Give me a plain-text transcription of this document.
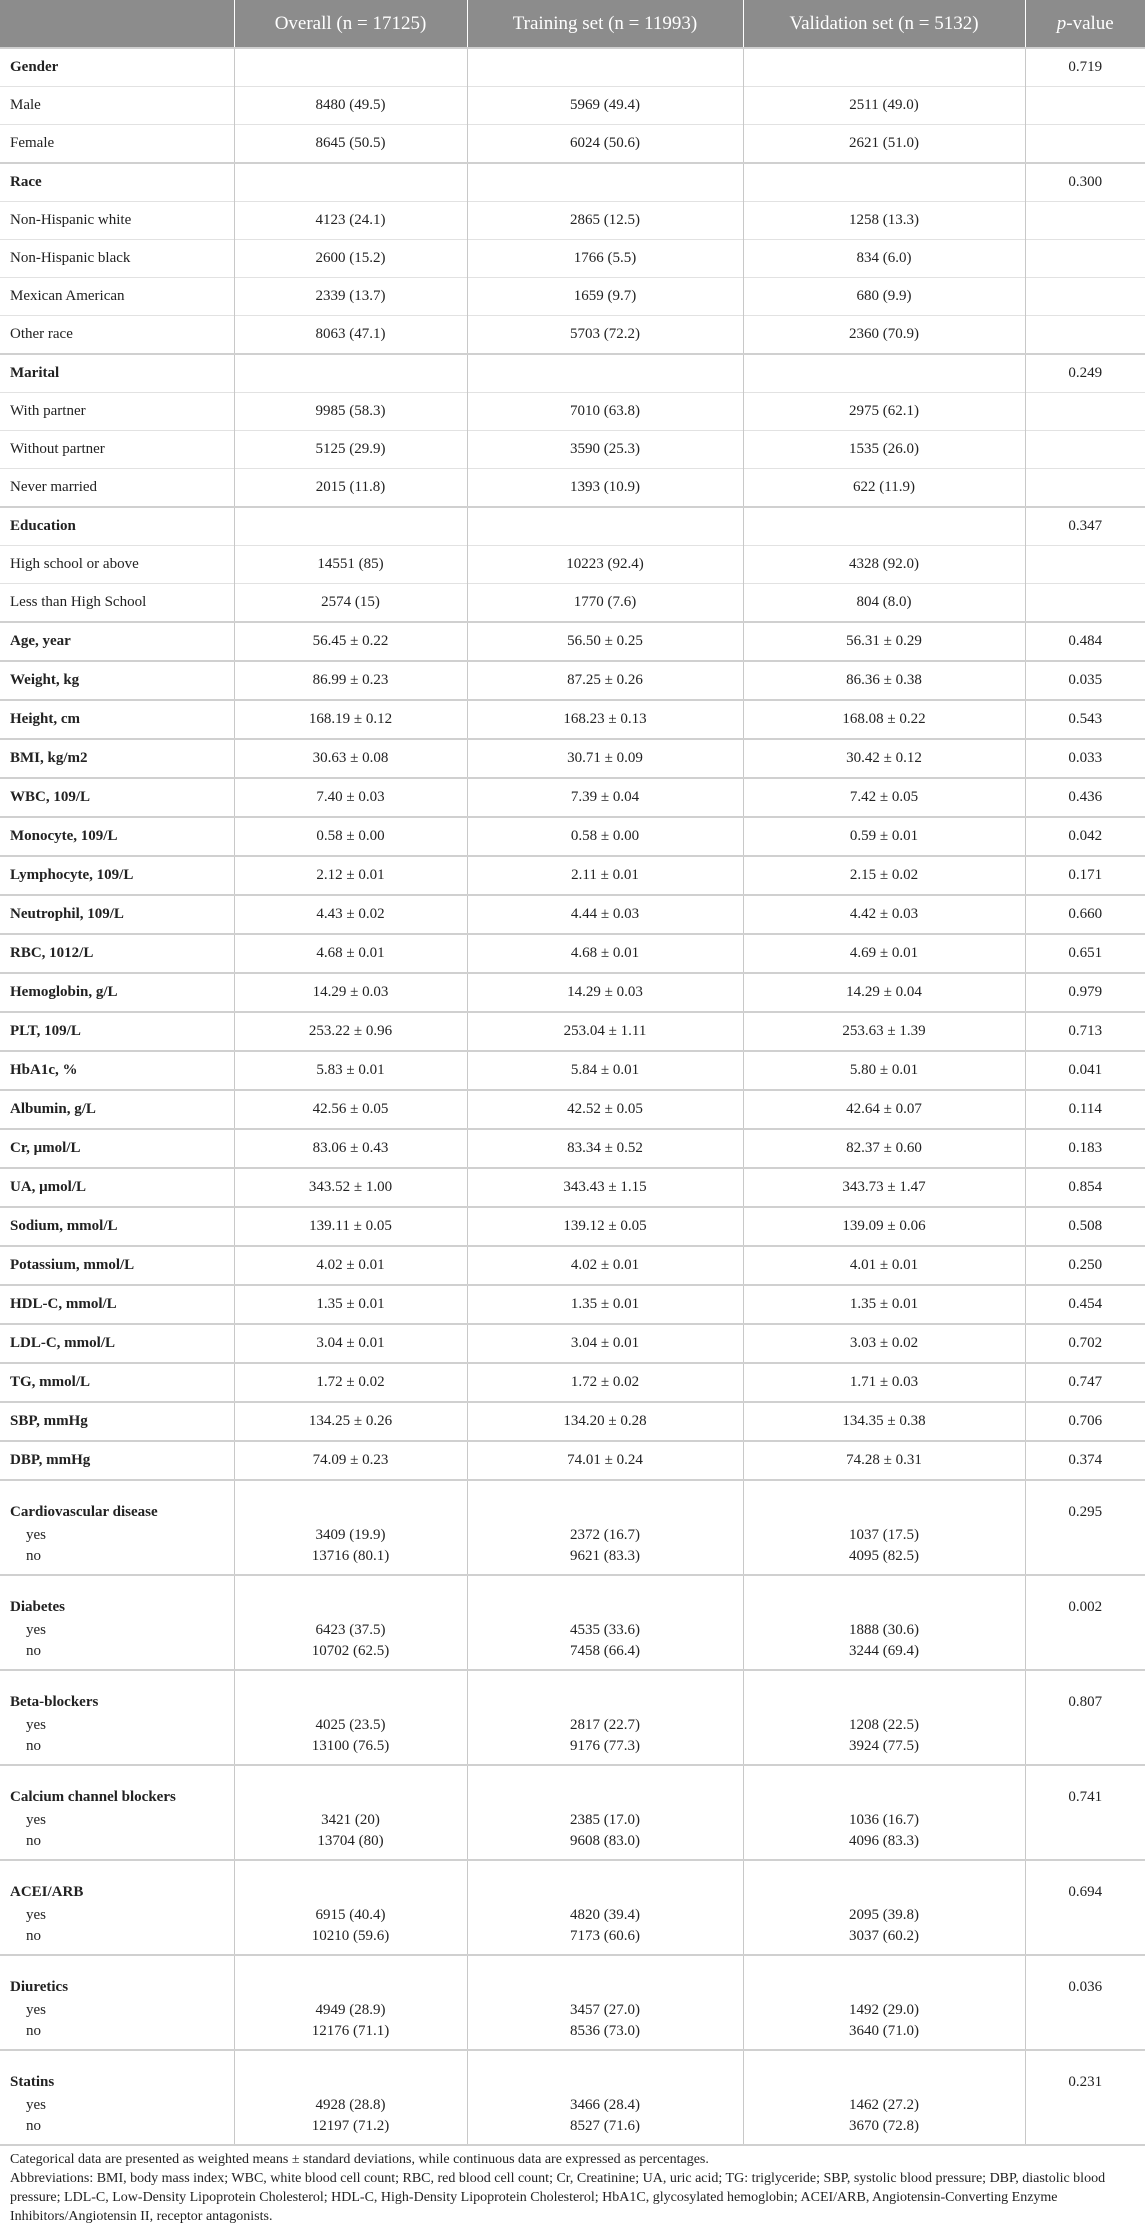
	Overall (n = 17125)	Training set (n = 11993)	Validation set (n = 5132)	p-value
Gender				0.719
Male	8480 (49.5)	5969 (49.4)	2511 (49.0)	
Female	8645 (50.5)	6024 (50.6)	2621 (51.0)	
Race				0.300
Non-Hispanic white	4123 (24.1)	2865 (12.5)	1258 (13.3)	
Non-Hispanic black	2600 (15.2)	1766 (5.5)	834 (6.0)	
Mexican American	2339 (13.7)	1659 (9.7)	680 (9.9)	
Other race	8063 (47.1)	5703 (72.2)	2360 (70.9)	
Marital				0.249
With partner	9985 (58.3)	7010 (63.8)	2975 (62.1)	
Without partner	5125 (29.9)	3590 (25.3)	1535 (26.0)	
Never married	2015 (11.8)	1393 (10.9)	622 (11.9)	
Education				0.347
High school or above	14551 (85)	10223 (92.4)	4328 (92.0)	
Less than High School	2574 (15)	1770 (7.6)	804 (8.0)	
Age, year	56.45 ± 0.22	56.50 ± 0.25	56.31 ± 0.29	0.484
Weight, kg	86.99 ± 0.23	87.25 ± 0.26	86.36 ± 0.38	0.035
Height, cm	168.19 ± 0.12	168.23 ± 0.13	168.08 ± 0.22	0.543
BMI, kg/m2	30.63 ± 0.08	30.71 ± 0.09	30.42 ± 0.12	0.033
WBC, 109/L	7.40 ± 0.03	7.39 ± 0.04	7.42 ± 0.05	0.436
Monocyte, 109/L	0.58 ± 0.00	0.58 ± 0.00	0.59 ± 0.01	0.042
Lymphocyte, 109/L	2.12 ± 0.01	2.11 ± 0.01	2.15 ± 0.02	0.171
Neutrophil, 109/L	4.43 ± 0.02	4.44 ± 0.03	4.42 ± 0.03	0.660
RBC, 1012/L	4.68 ± 0.01	4.68 ± 0.01	4.69 ± 0.01	0.651
Hemoglobin, g/L	14.29 ± 0.03	14.29 ± 0.03	14.29 ± 0.04	0.979
PLT, 109/L	253.22 ± 0.96	253.04 ± 1.11	253.63 ± 1.39	0.713
HbA1c, %	5.83 ± 0.01	5.84 ± 0.01	5.80 ± 0.01	0.041
Albumin, g/L	42.56 ± 0.05	42.52 ± 0.05	42.64 ± 0.07	0.114
Cr, μmol/L	83.06 ± 0.43	83.34 ± 0.52	82.37 ± 0.60	0.183
UA, μmol/L	343.52 ± 1.00	343.43 ± 1.15	343.73 ± 1.47	0.854
Sodium, mmol/L	139.11 ± 0.05	139.12 ± 0.05	139.09 ± 0.06	0.508
Potassium, mmol/L	4.02 ± 0.01	4.02 ± 0.01	4.01 ± 0.01	0.250
HDL-C, mmol/L	1.35 ± 0.01	1.35 ± 0.01	1.35 ± 0.01	0.454
LDL-C, mmol/L	3.04 ± 0.01	3.04 ± 0.01	3.03 ± 0.02	0.702
TG, mmol/L	1.72 ± 0.02	1.72 ± 0.02	1.71 ± 0.03	0.747
SBP, mmHg	134.25 ± 0.26	134.20 ± 0.28	134.35 ± 0.38	0.706
DBP, mmHg	74.09 ± 0.23	74.01 ± 0.24	74.28 ± 0.31	0.374
Cardiovascular disease				0.295
yes	3409 (19.9)	2372 (16.7)	1037 (17.5)	
no	13716 (80.1)	9621 (83.3)	4095 (82.5)	
Diabetes				0.002
yes	6423 (37.5)	4535 (33.6)	1888 (30.6)	
no	10702 (62.5)	7458 (66.4)	3244 (69.4)	
Beta-blockers				0.807
yes	4025 (23.5)	2817 (22.7)	1208 (22.5)	
no	13100 (76.5)	9176 (77.3)	3924 (77.5)	
Calcium channel blockers				0.741
yes	3421 (20)	2385 (17.0)	1036 (16.7)	
no	13704 (80)	9608 (83.0)	4096 (83.3)	
ACEI/ARB				0.694
yes	6915 (40.4)	4820 (39.4)	2095 (39.8)	
no	10210 (59.6)	7173 (60.6)	3037 (60.2)	
Diuretics				0.036
yes	4949 (28.9)	3457 (27.0)	1492 (29.0)	
no	12176 (71.1)	8536 (73.0)	3640 (71.0)	
Statins				0.231
yes	4928 (28.8)	3466 (28.4)	1462 (27.2)	
no	12197 (71.2)	8527 (71.6)	3670 (72.8)	

Categorical data are presented as weighted means ± standard deviations, while continuous data are expressed as percentages.

Abbreviations: BMI, body mass index; WBC, white blood cell count; RBC, red blood cell count; Cr, Creatinine; UA, uric acid; TG: triglyceride; SBP, systolic blood pressure; DBP, diastolic blood pressure; LDL-C, Low-Density Lipoprotein Cholesterol; HDL-C, High-Density Lipoprotein Cholesterol; HbA1C, glycosylated hemoglobin; ACEI/ARB, Angiotensin-Converting Enzyme Inhibitors/Angiotensin II, receptor antagonists.
